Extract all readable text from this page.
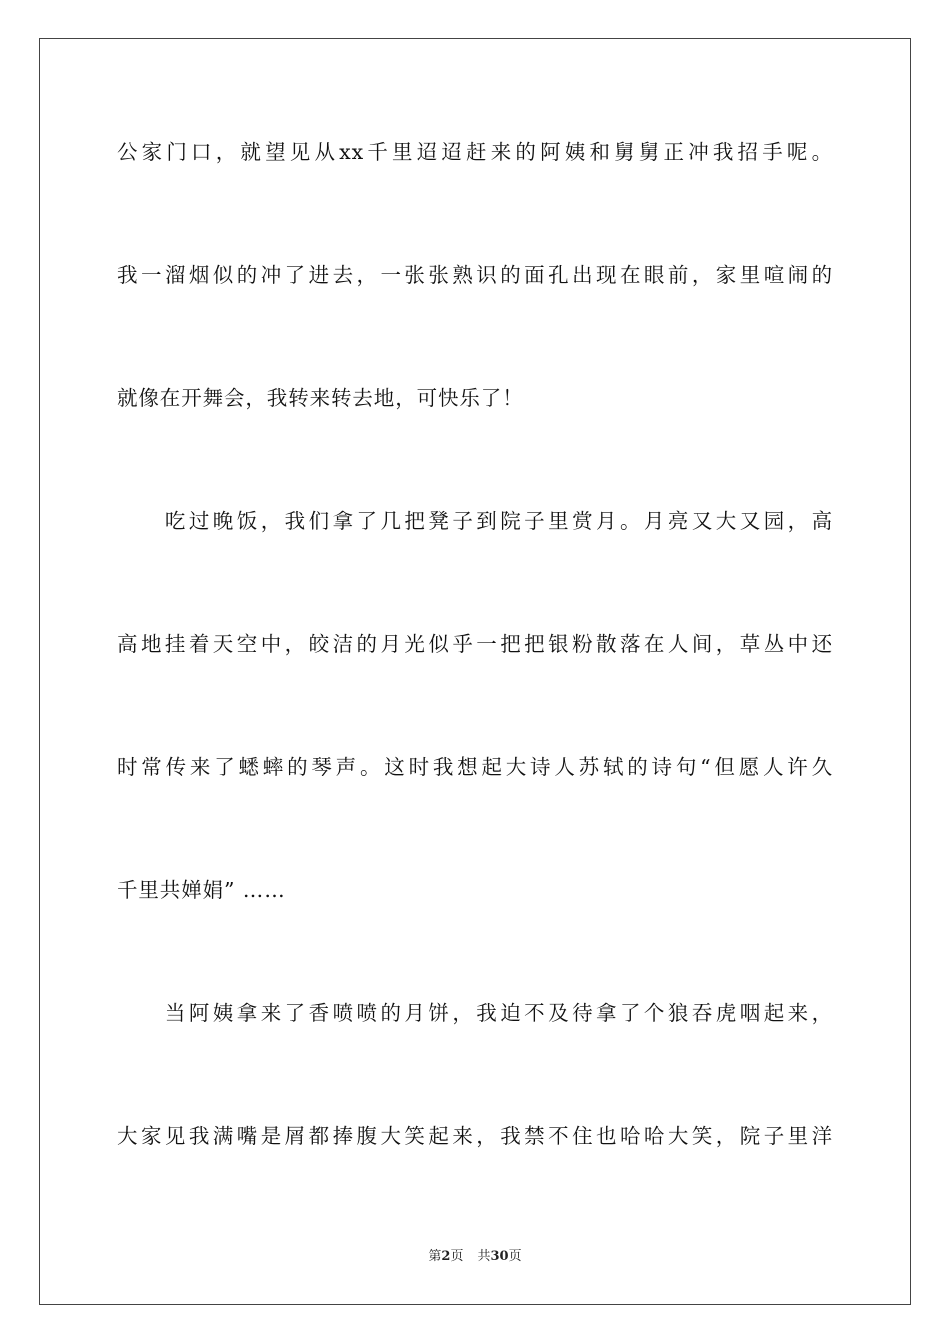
公家门口，就望见从xx千里迢迢赶来的阿姨和舅舅正冲我招手呢。
我一溜烟似的冲了进去，一张张熟识的面孔出现在眼前，家里喧闹的
就像在开舞会，我转来转去地，可快乐了！
　　吃过晚饭，我们拿了几把凳子到院子里赏月。月亮又大又园，高
高地挂着天空中，皎洁的月光似乎一把把银粉散落在人间，草丛中还
时常传来了蟋蟀的琴声。这时我想起大诗人苏轼的诗句“但愿人许久
千里共婵娟” ……
　　当阿姨拿来了香喷喷的月饼，我迫不及待拿了个狼吞虎咽起来，
大家见我满嘴是屑都捧腹大笑起来，我禁不住也哈哈大笑，院子里洋
第2页 共30页
